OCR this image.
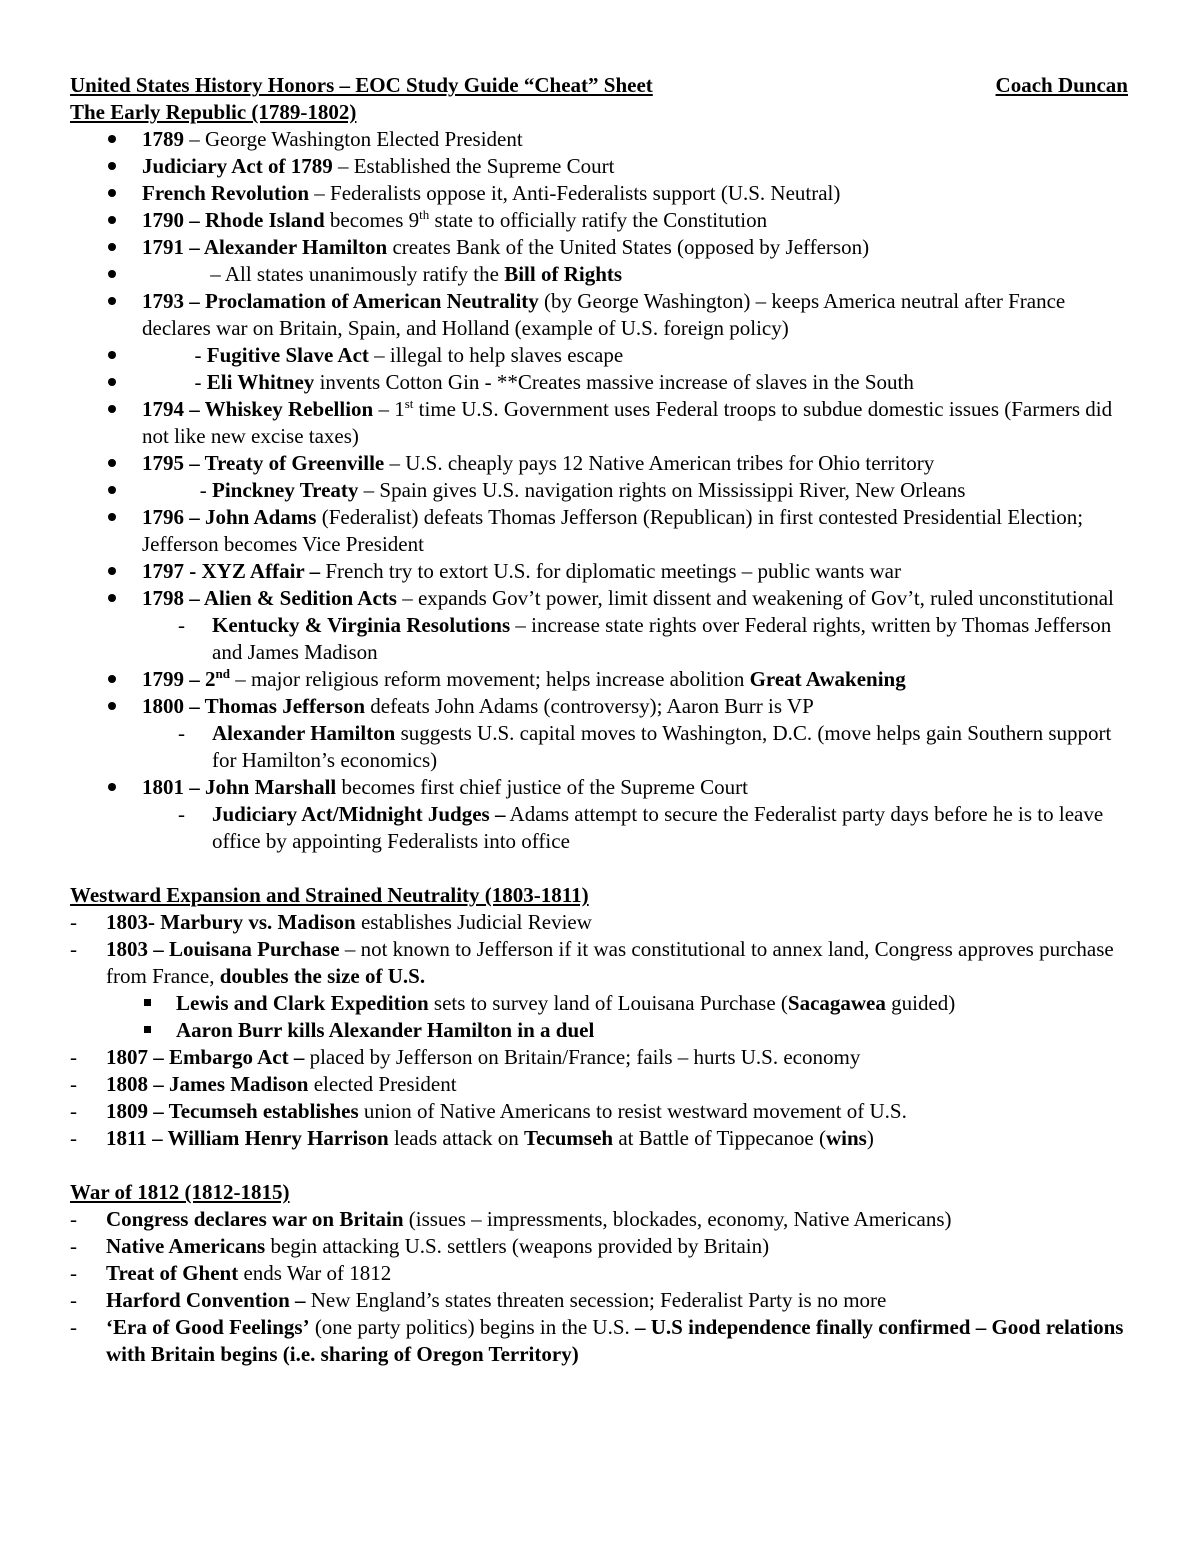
United States History Honors – EOC Study Guide “Cheat” Sheet	Coach Duncan
The Early Republic (1789-1802)
1789 – George Washington Elected President
Judiciary Act of 1789 – Established the Supreme Court
French Revolution – Federalists oppose it, Anti-Federalists support (U.S. Neutral)
1790 – Rhode Island becomes 9th state to officially ratify the Constitution
1791 – Alexander Hamilton creates Bank of the United States (opposed by Jefferson)
– All states unanimously ratify the Bill of Rights
1793 – Proclamation of American Neutrality (by George Washington) – keeps America neutral after France declares war on Britain, Spain, and Holland (example of U.S. foreign policy)
- Fugitive Slave Act – illegal to help slaves escape
- Eli Whitney invents Cotton Gin - **Creates massive increase of slaves in the South
1794 – Whiskey Rebellion – 1st time U.S. Government uses Federal troops to subdue domestic issues (Farmers did not like new excise taxes)
1795 – Treaty of Greenville – U.S. cheaply pays 12 Native American tribes for Ohio territory
- Pinckney Treaty – Spain gives U.S. navigation rights on Mississippi River, New Orleans
1796 – John Adams (Federalist) defeats Thomas Jefferson (Republican) in first contested Presidential Election; Jefferson becomes Vice President
1797 - XYZ Affair – French try to extort U.S. for diplomatic meetings – public wants war
1798 – Alien & Sedition Acts – expands Gov’t power, limit dissent and weakening of Gov’t, ruled unconstitutional
-	Kentucky & Virginia Resolutions – increase state rights over Federal rights, written by Thomas Jefferson and James Madison
1799 – 2nd – major religious reform movement; helps increase abolition Great Awakening
1800 – Thomas Jefferson defeats John Adams (controversy); Aaron Burr is VP
-	Alexander Hamilton suggests U.S. capital moves to Washington, D.C. (move helps gain Southern support for Hamilton’s economics)
1801 – John Marshall becomes first chief justice of the Supreme Court
-	Judiciary Act/Midnight Judges – Adams attempt to secure the Federalist party days before he is to leave office by appointing Federalists into office
Westward Expansion and Strained Neutrality (1803-1811)
-	1803- Marbury vs. Madison establishes Judicial Review
-	1803 – Louisana Purchase – not known to Jefferson if it was constitutional to annex land, Congress approves purchase from France, doubles the size of U.S.
Lewis and Clark Expedition sets to survey land of Louisana Purchase (Sacagawea guided)
Aaron Burr kills Alexander Hamilton in a duel
-	1807 – Embargo Act – placed by Jefferson on Britain/France; fails – hurts U.S. economy
-	1808 – James Madison elected President
-	1809 – Tecumseh establishes union of Native Americans to resist westward movement of U.S.
-	1811 – William Henry Harrison leads attack on Tecumseh at Battle of Tippecanoe (wins)
War of 1812 (1812-1815)
-	Congress declares war on Britain (issues – impressments, blockades, economy, Native Americans)
-	Native Americans begin attacking U.S. settlers (weapons provided by Britain)
-	Treat of Ghent ends War of 1812
-	Harford Convention – New England’s states threaten secession; Federalist Party is no more
-	‘Era of Good Feelings’ (one party politics) begins in the U.S. – U.S independence finally confirmed – Good relations with Britain begins (i.e. sharing of Oregon Territory)
